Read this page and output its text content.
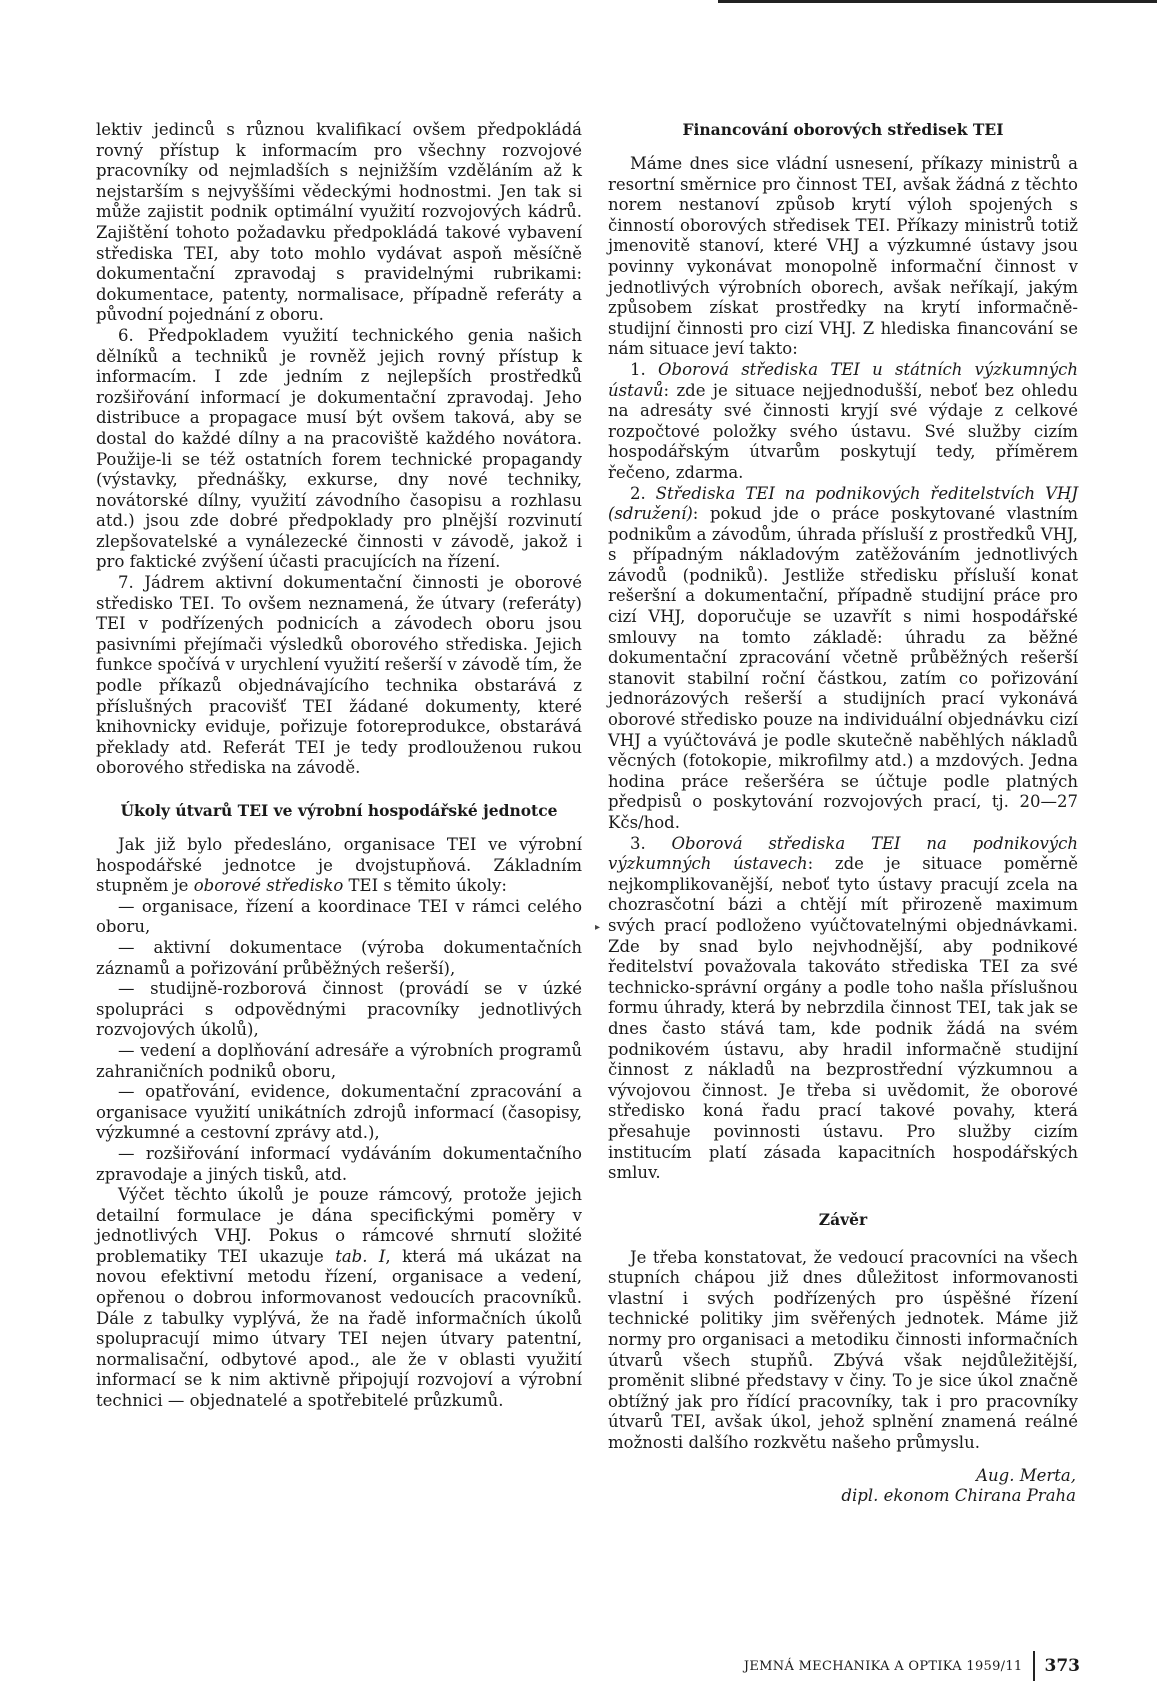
lektiv jedinců s různou kvalifikací ovšem předpokládá rovný přístup k informacím pro všechny rozvojové pracovníky od nejmladších s nejnižším vzděláním až k nejstarším s nejvyššími vědeckými hodnostmi. Jen tak si může zajistit podnik optimální využití rozvojových kádrů. Zajištění tohoto požadavku předpokládá takové vybavení střediska TEI, aby toto mohlo vydávat aspoň měsíčně dokumentační zpravodaj s pravidelnými rubrikami: dokumentace, patenty, normalisace, případně referáty a původní pojednání z oboru.

6. Předpokladem využití technického genia našich dělníků a techniků je rovněž jejich rovný přístup k informacím. I zde jedním z nejlepších prostředků rozšiřování informací je dokumentační zpravodaj. Jeho distribuce a propagace musí být ovšem taková, aby se dostal do každé dílny a na pracoviště každého novátora. Použije-li se též ostatních forem technické propagandy (výstavky, přednášky, exkurse, dny nové techniky, novátorské dílny, využití závodního časopisu a rozhlasu atd.) jsou zde dobré předpoklady pro plnější rozvinutí zlepšovatelské a vynálezecké činnosti v závodě, jakož i pro faktické zvýšení účasti pracujících na řízení.

7. Jádrem aktivní dokumentační činnosti je oborové středisko TEI. To ovšem neznamená, že útvary (referáty) TEI v podřízených podnicích a závodech oboru jsou pasivními přejímači výsledků oborového střediska. Jejich funkce spočívá v urychlení využití rešerší v závodě tím, že podle příkazů objednávajícího technika obstarává z příslušných pracovišť TEI žádané dokumenty, které knihovnicky eviduje, pořizuje fotoreprodukce, obstarává překlady atd. Referát TEI je tedy prodlouženou rukou oborového střediska na závodě.

Úkoly útvarů TEI ve výrobní hospodářské jednotce

Jak již bylo předesláno, organisace TEI ve výrobní hospodářské jednotce je dvojstupňová. Základním stupněm je oborové středisko TEI s těmito úkoly:

— organisace, řízení a koordinace TEI v rámci celého oboru,

— aktivní dokumentace (výroba dokumentačních záznamů a pořizování průběžných rešerší),

— studijně-rozborová činnost (provádí se v úzké spolupráci s odpovědnými pracovníky jednotlivých rozvojových úkolů),

— vedení a doplňování adresáře a výrobních programů zahraničních podniků oboru,

— opatřování, evidence, dokumentační zpracování a organisace využití unikátních zdrojů informací (časopisy, výzkumné a cestovní zprávy atd.),

— rozšiřování informací vydáváním dokumentačního zpravodaje a jiných tisků, atd.

Výčet těchto úkolů je pouze rámcový, protože jejich detailní formulace je dána specifickými poměry v jednotlivých VHJ. Pokus o rámcové shrnutí složité problematiky TEI ukazuje tab. I, která má ukázat na novou efektivní metodu řízení, organisace a vedení, opřenou o dobrou informovanost vedoucích pracovníků. Dále z tabulky vyplývá, že na řadě informačních úkolů spolupracují mimo útvary TEI nejen útvary patentní, normalisační, odbytové apod., ale že v oblasti využití informací se k nim aktivně připojují rozvojoví a výrobní technici — objednatelé a spotřebitelé průzkumů.

▸
Financování oborových středisek TEI

Máme dnes sice vládní usnesení, příkazy ministrů a resortní směrnice pro činnost TEI, avšak žádná z těchto norem nestanoví způsob krytí výloh spojených s činností oborových středisek TEI. Příkazy ministrů totiž jmenovitě stanoví, které VHJ a výzkumné ústavy jsou povinny vykonávat monopolně informační činnost v jednotlivých výrobních oborech, avšak neříkají, jakým způsobem získat prostředky na krytí informačně-studijní činnosti pro cizí VHJ. Z hlediska financování se nám situace jeví takto:

1. Oborová střediska TEI u státních výzkumných ústavů: zde je situace nejjednodušší, neboť bez ohledu na adresáty své činnosti kryjí své výdaje z celkové rozpočtové položky svého ústavu. Své služby cizím hospodářským útvarům poskytují tedy, příměrem řečeno, zdarma.

2. Střediska TEI na podnikových ředitelstvích VHJ (sdružení): pokud jde o práce poskytované vlastním podnikům a závodům, úhrada přísluší z prostředků VHJ, s případným nákladovým zatěžováním jednotlivých závodů (podniků). Jestliže středisku přísluší konat rešeršní a dokumentační, případně studijní práce pro cizí VHJ, doporučuje se uzavřít s nimi hospodářské smlouvy na tomto základě: úhradu za běžné dokumentační zpracování včetně průběžných rešerší stanovit stabilní roční částkou, zatím co pořizování jednorázových rešerší a studijních prací vykonává oborové středisko pouze na individuální objednávku cizí VHJ a vyúčtovává je podle skutečně naběhlých nákladů věcných (fotokopie, mikrofilmy atd.) a mzdových. Jedna hodina práce rešeršéra se účtuje podle platných předpisů o poskytování rozvojových prací, tj. 20—27 Kčs/hod.

3. Oborová střediska TEI na podnikových výzkumných ústavech: zde je situace poměrně nejkomplikovanější, neboť tyto ústavy pracují zcela na chozrasčotní bázi a chtějí mít přirozeně maximum svých prací podloženo vyúčtovatelnými objednávkami. Zde by snad bylo nejvhodnější, aby podnikové ředitelství považovala takováto střediska TEI za své technicko-správní orgány a podle toho našla příslušnou formu úhrady, která by nebrzdila činnost TEI, tak jak se dnes často stává tam, kde podnik žádá na svém podnikovém ústavu, aby hradil informačně studijní činnost z nákladů na bezprostřední výzkumnou a vývojovou činnost. Je třeba si uvědomit, že oborové středisko koná řadu prací takové povahy, která přesahuje povinnosti ústavu. Pro služby cizím institucím platí zásada kapacitních hospodářských smluv.

Závěr

Je třeba konstatovat, že vedoucí pracovníci na všech stupních chápou již dnes důležitost informovanosti vlastní i svých podřízených pro úspěšné řízení technické politiky jim svěřených jednotek. Máme již normy pro organisaci a metodiku činnosti informačních útvarů všech stupňů. Zbývá však nejdůležitější, proměnit slibné představy v činy. To je sice úkol značně obtížný jak pro řídící pracovníky, tak i pro pracovníky útvarů TEI, avšak úkol, jehož splnění znamená reálné možnosti dalšího rozkvětu našeho průmyslu.

Aug. Merta,
dipl. ekonom Chirana Praha
JEMNÁ MECHANIKA A OPTIKA 1959/11	373
